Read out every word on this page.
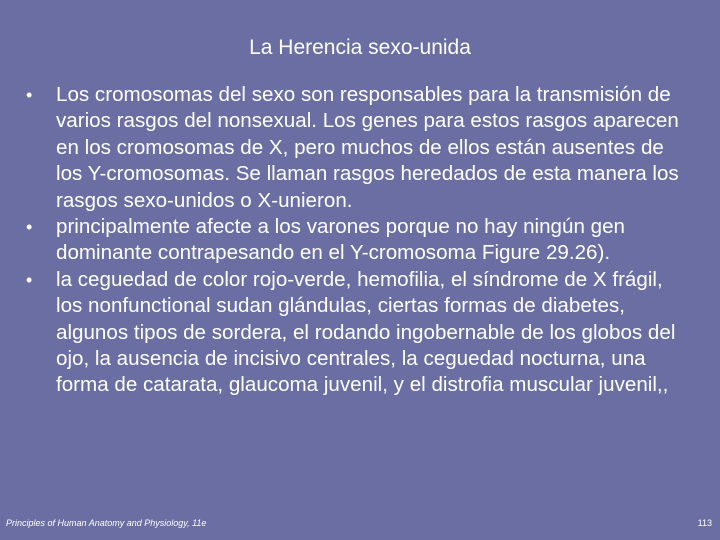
La Herencia sexo-unida
•	Los cromosomas del sexo son responsables para la transmisión de varios rasgos del nonsexual. Los genes para estos rasgos aparecen en los cromosomas de X, pero muchos de ellos están ausentes de los Y-cromosomas. Se llaman rasgos heredados de esta manera los rasgos sexo-unidos o X-unieron.
•	principalmente afecte a los varones porque no hay ningún gen dominante contrapesando en el Y-cromosoma Figure 29.26).
•	la ceguedad de color rojo-verde, hemofilia, el síndrome de X frágil, los nonfunctional sudan glándulas, ciertas formas de diabetes, algunos tipos de sordera, el rodando ingobernable de los globos del ojo, la ausencia de incisivo centrales, la ceguedad nocturna, una forma de catarata, glaucoma juvenil, y el distrofia muscular juvenil,,
Principles of Human Anatomy and Physiology, 11e	113
